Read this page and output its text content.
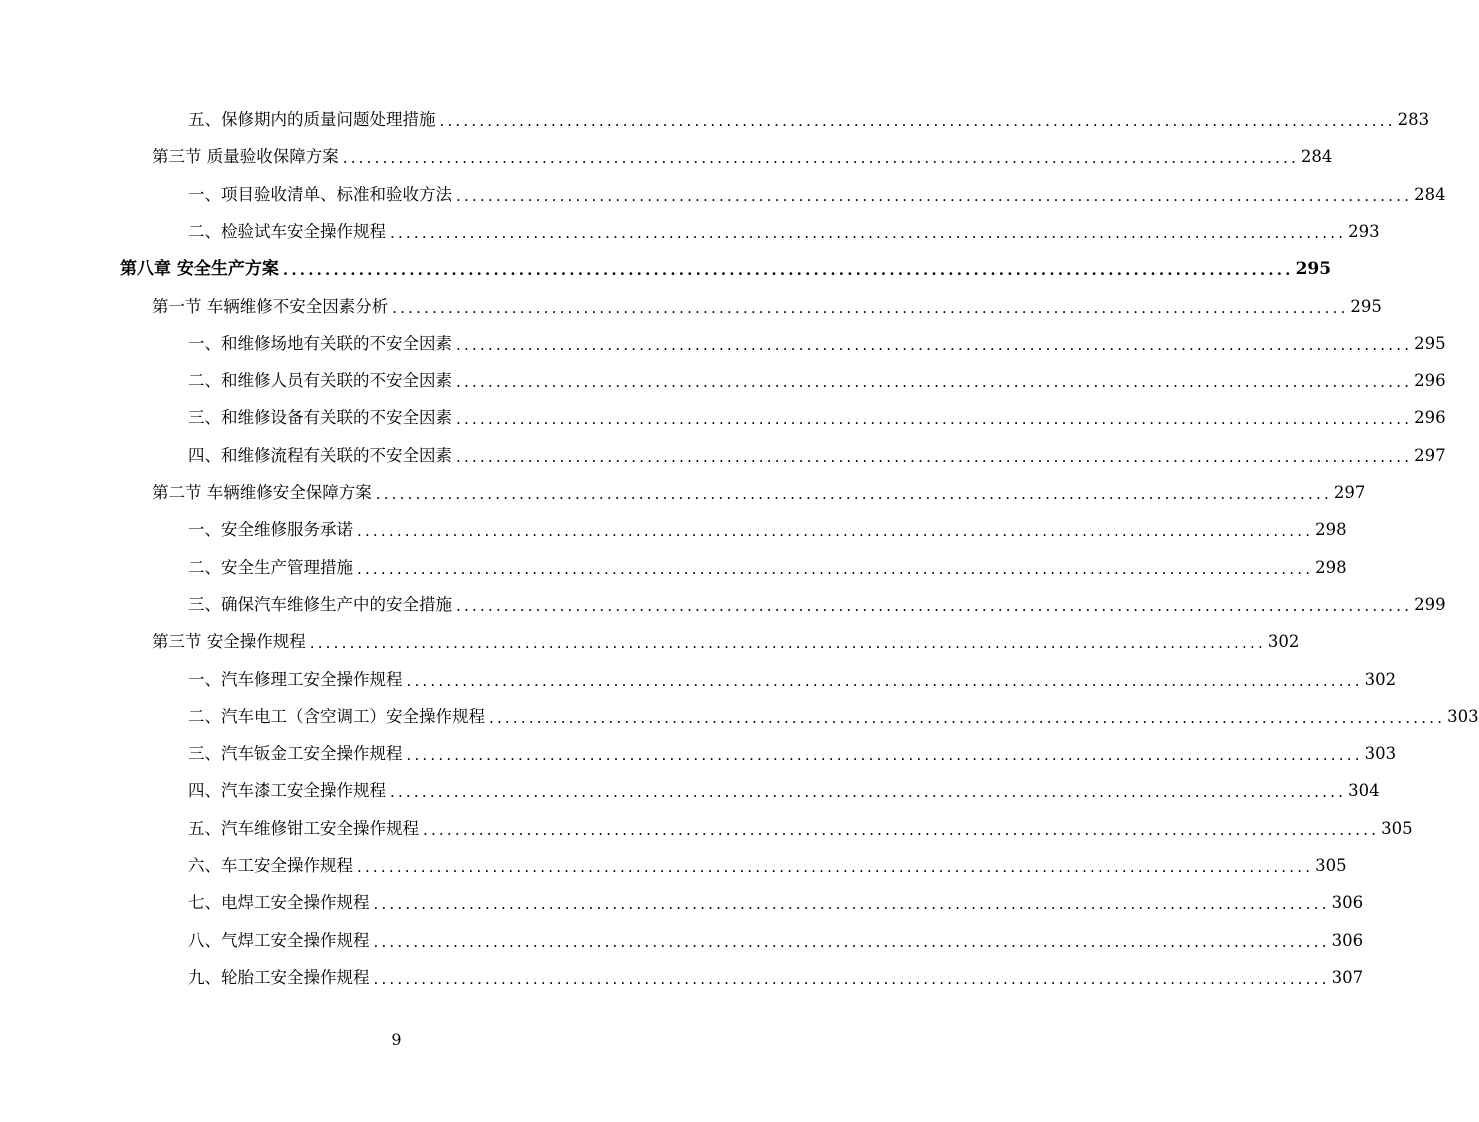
五、保修期内的质量问题处理措施 ........................................................................................................................ 283
第三节 质量验收保障方案 ........................................................................................................................ 284
一、项目验收清单、标准和验收方法 ........................................................................................................................ 284
二、检验试车安全操作规程 ........................................................................................................................ 293
第八章 安全生产方案 ........................................................................................................................ 295
第一节 车辆维修不安全因素分析 ........................................................................................................................ 295
一、和维修场地有关联的不安全因素 ........................................................................................................................ 295
二、和维修人员有关联的不安全因素 ........................................................................................................................ 296
三、和维修设备有关联的不安全因素 ........................................................................................................................ 296
四、和维修流程有关联的不安全因素 ........................................................................................................................ 297
第二节 车辆维修安全保障方案 ........................................................................................................................ 297
一、安全维修服务承诺 ........................................................................................................................ 298
二、安全生产管理措施 ........................................................................................................................ 298
三、确保汽车维修生产中的安全措施 ........................................................................................................................ 299
第三节 安全操作规程 ........................................................................................................................ 302
一、汽车修理工安全操作规程 ........................................................................................................................ 302
二、汽车电工（含空调工）安全操作规程 ........................................................................................................................ 303
三、汽车钣金工安全操作规程 ........................................................................................................................ 303
四、汽车漆工安全操作规程 ........................................................................................................................ 304
五、汽车维修钳工安全操作规程 ........................................................................................................................ 305
六、车工安全操作规程 ........................................................................................................................ 305
七、电焊工安全操作规程 ........................................................................................................................ 306
八、气焊工安全操作规程 ........................................................................................................................ 306
九、轮胎工安全操作规程 ........................................................................................................................ 307
9
